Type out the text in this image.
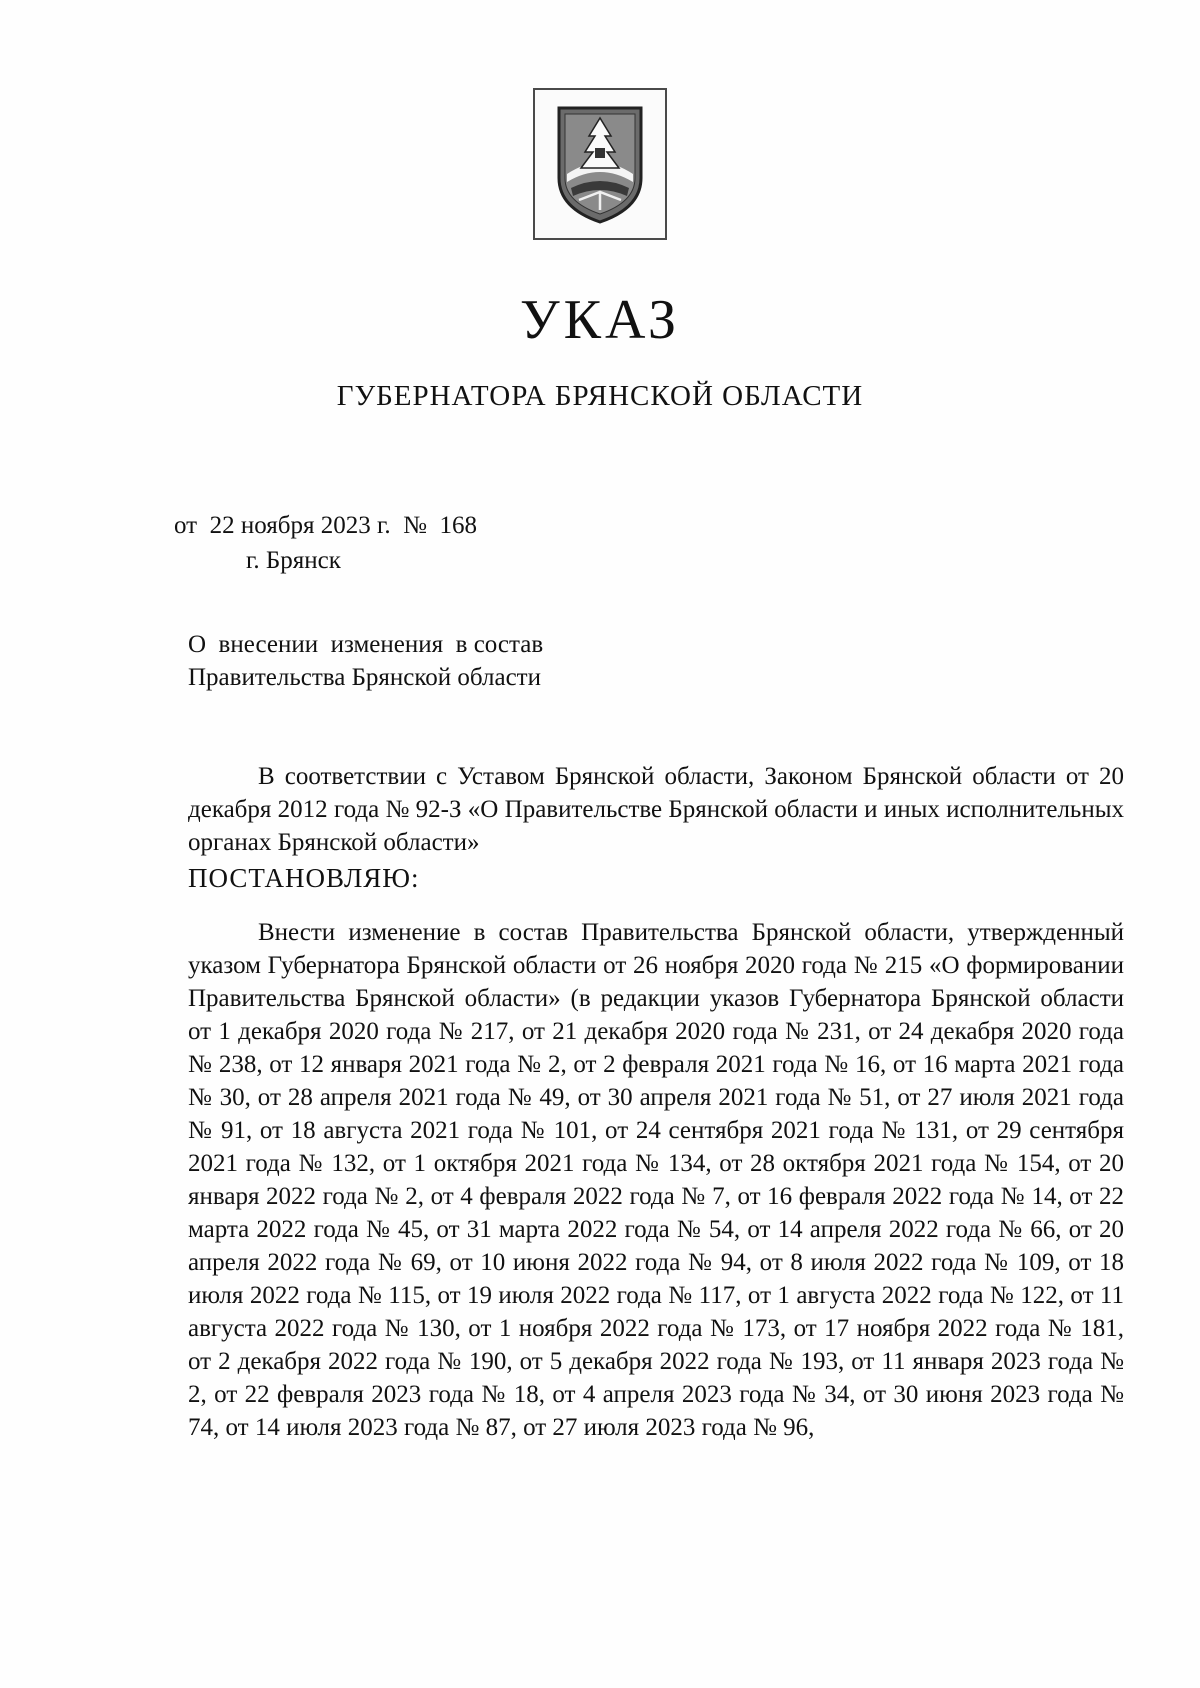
УКАЗ
ГУБЕРНАТОРА БРЯНСКОЙ ОБЛАСТИ
от  22 ноября 2023 г.  №  168
г. Брянск
О  внесении  изменения  в состав
Правительства Брянской области
В соответствии с Уставом Брянской области, Законом Брянской области от 20 декабря 2012 года № 92-З «О Правительстве Брянской области и иных исполнительных органах Брянской области»
ПОСТАНОВЛЯЮ:
Внести изменение в состав Правительства Брянской области, утвержденный указом Губернатора Брянской области от 26 ноября 2020 года № 215 «О формировании Правительства Брянской области» (в редакции указов Губернатора Брянской области от 1 декабря 2020 года № 217, от 21 декабря 2020 года № 231, от 24 декабря 2020 года № 238, от 12 января 2021 года № 2, от 2 февраля 2021 года № 16, от 16 марта 2021 года № 30, от 28 апреля 2021 года № 49, от 30 апреля 2021 года № 51, от 27 июля 2021 года № 91, от 18 августа 2021 года № 101, от 24 сентября 2021 года № 131, от 29 сентября 2021 года № 132, от 1 октября 2021 года № 134, от 28 октября 2021 года № 154, от 20 января 2022 года № 2, от 4 февраля 2022 года № 7, от 16 февраля 2022 года № 14, от 22 марта 2022 года № 45, от 31 марта 2022 года № 54, от 14 апреля 2022 года № 66, от 20 апреля 2022 года № 69, от 10 июня 2022 года № 94, от 8 июля 2022 года № 109, от 18 июля 2022 года № 115, от 19 июля 2022 года № 117, от 1 августа 2022 года № 122, от 11 августа 2022 года № 130, от 1 ноября 2022 года № 173, от 17 ноября 2022 года № 181, от 2 декабря 2022 года № 190, от 5 декабря 2022 года № 193, от 11 января 2023 года № 2, от 22 февраля 2023 года № 18, от 4 апреля 2023 года № 34, от 30 июня 2023 года № 74, от 14 июля 2023 года № 87, от 27 июля 2023 года № 96,
